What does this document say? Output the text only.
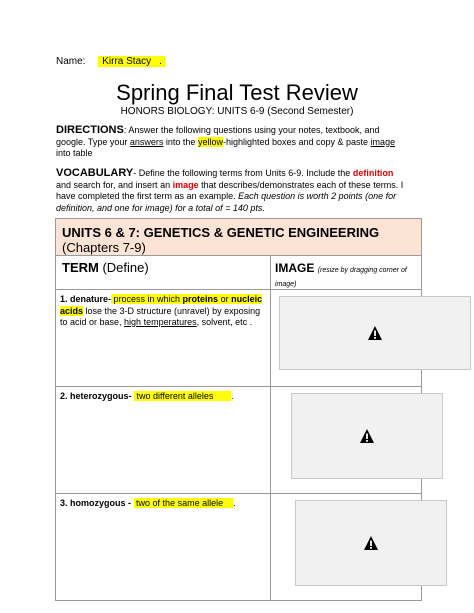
Name: Kirra Stacy .
Spring Final Test Review
HONORS BIOLOGY: UNITS 6-9 (Second Semester)
DIRECTIONS: Answer the following questions using your notes, textbook, and google. Type your answers into the yellow-highlighted boxes and copy & paste image into table
VOCABULARY- Define the following terms from Units 6-9. Include the definition and search for, and insert an image that describes/demonstrates each of these terms. I have completed the first term as an example. Each question is worth 2 points (one for definition, and one for image) for a total of = 140 pts.
UNITS 6 & 7: GENETICS & GENETIC ENGINEERING (Chapters 7-9)	
TERM (Define)	IMAGE (resize by dragging corner of image)
1. denature- process in which proteins or nucleic acids lose the 3-D structure (unravel) by exposing to acid or base, high temperatures, solvent, etc .	

2. heterozygous- two different alleles .	

3. homozygous - two of the same allele .	
